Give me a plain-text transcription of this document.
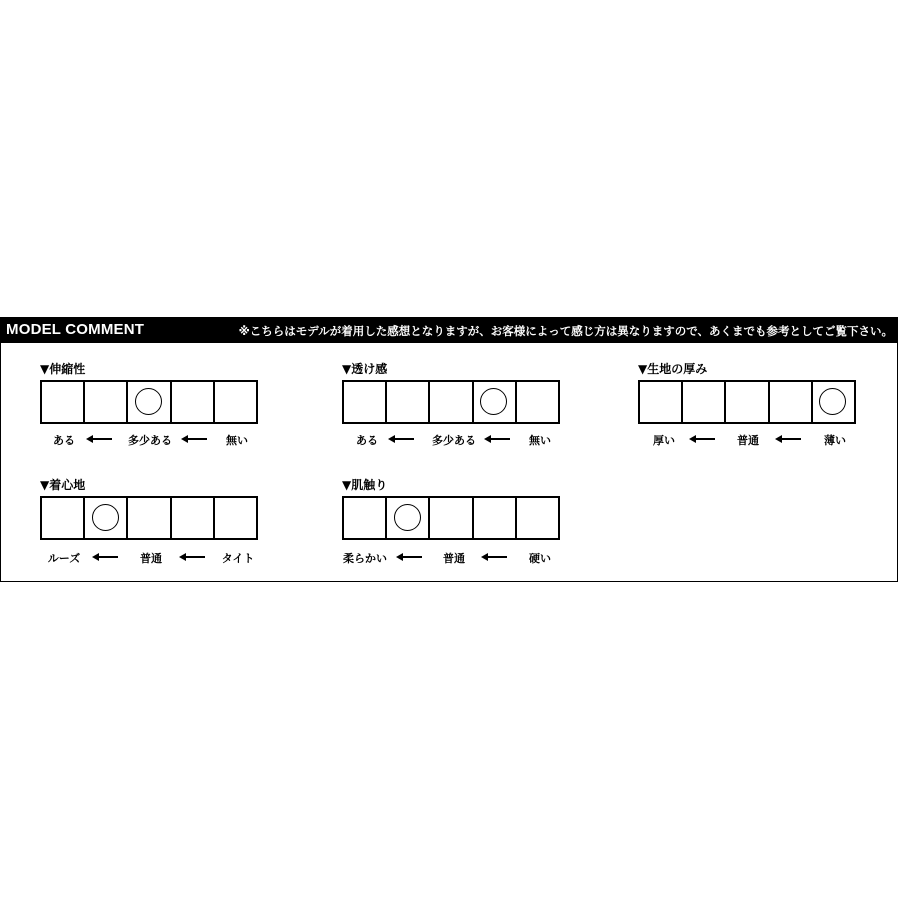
MODEL COMMENT	※こちらはモデルが着用した感想となりますが、お客様によって感じ方は異なりますので、あくまでも参考としてご覧下さい。
▼伸縮性
ある	多少ある	無い
▼透け感
ある	多少ある	無い
▼生地の厚み
厚い	普通	薄い
▼着心地
ルーズ	普通	タイト
▼肌触り
柔らかい	普通	硬い
